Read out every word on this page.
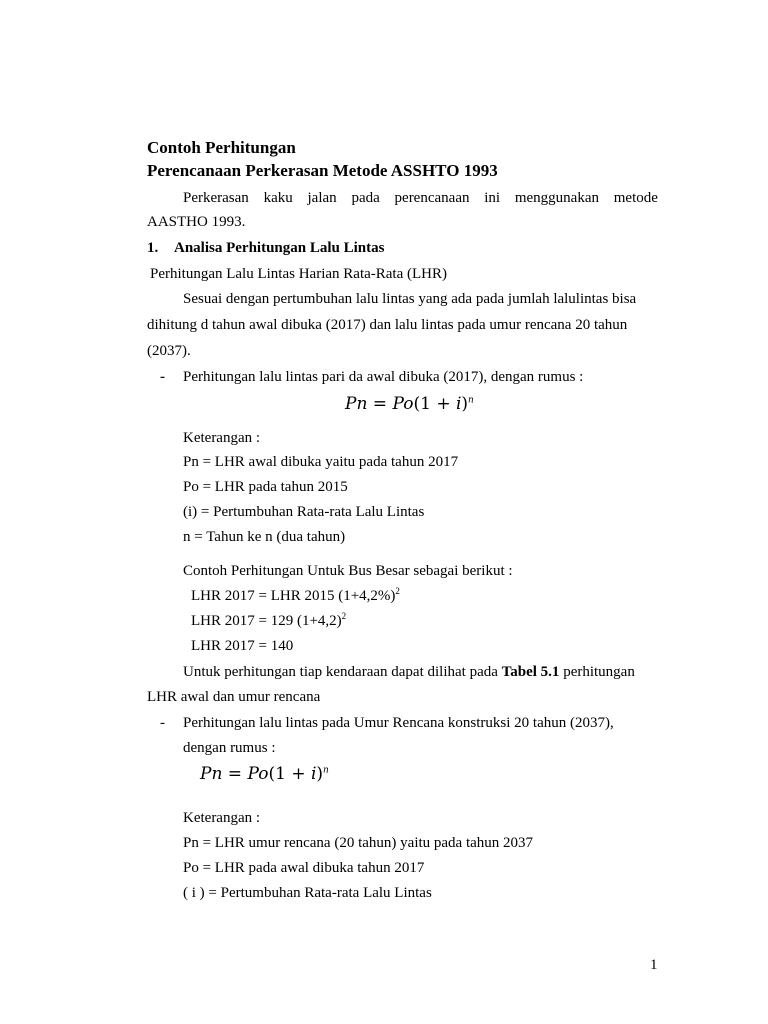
Contoh Perhitungan
Perencanaan Perkerasan Metode ASSHTO 1993
Perkerasan kaku jalan pada perencanaan ini menggunakan metode
AASTHO 1993.
1. Analisa Perhitungan Lalu Lintas
Perhitungan Lalu Lintas Harian Rata-Rata (LHR)
Sesuai dengan pertumbuhan lalu lintas yang ada pada jumlah lalulintas bisa
dihitung d tahun awal dibuka (2017) dan lalu lintas pada umur rencana 20 tahun
(2037).
- Perhitungan lalu lintas pari da awal dibuka (2017), dengan rumus :
$Pn = Po(1 + i)^n$
Keterangan :
Pn = LHR awal dibuka yaitu pada tahun 2017
Po = LHR pada tahun 2015
(i) = Pertumbuhan Rata-rata Lalu Lintas
n = Tahun ke n (dua tahun)
Contoh Perhitungan Untuk Bus Besar sebagai berikut :
LHR 2017 = LHR 2015 $(1+4,2\%)^2$
LHR 2017 = 129 $(1+4,2)^2$
LHR 2017 = 140
Untuk perhitungan tiap kendaraan dapat dilihat pada Tabel 5.1 perhitungan
LHR awal dan umur rencana
- Perhitungan lalu lintas pada Umur Rencana konstruksi 20 tahun (2037),
dengan rumus :
$Pn = Po(1 + i)^n$
Keterangan :
Pn = LHR umur rencana (20 tahun) yaitu pada tahun 2037
Po = LHR pada awal dibuka tahun 2017
( i ) = Pertumbuhan Rata-rata Lalu Lintas
1
